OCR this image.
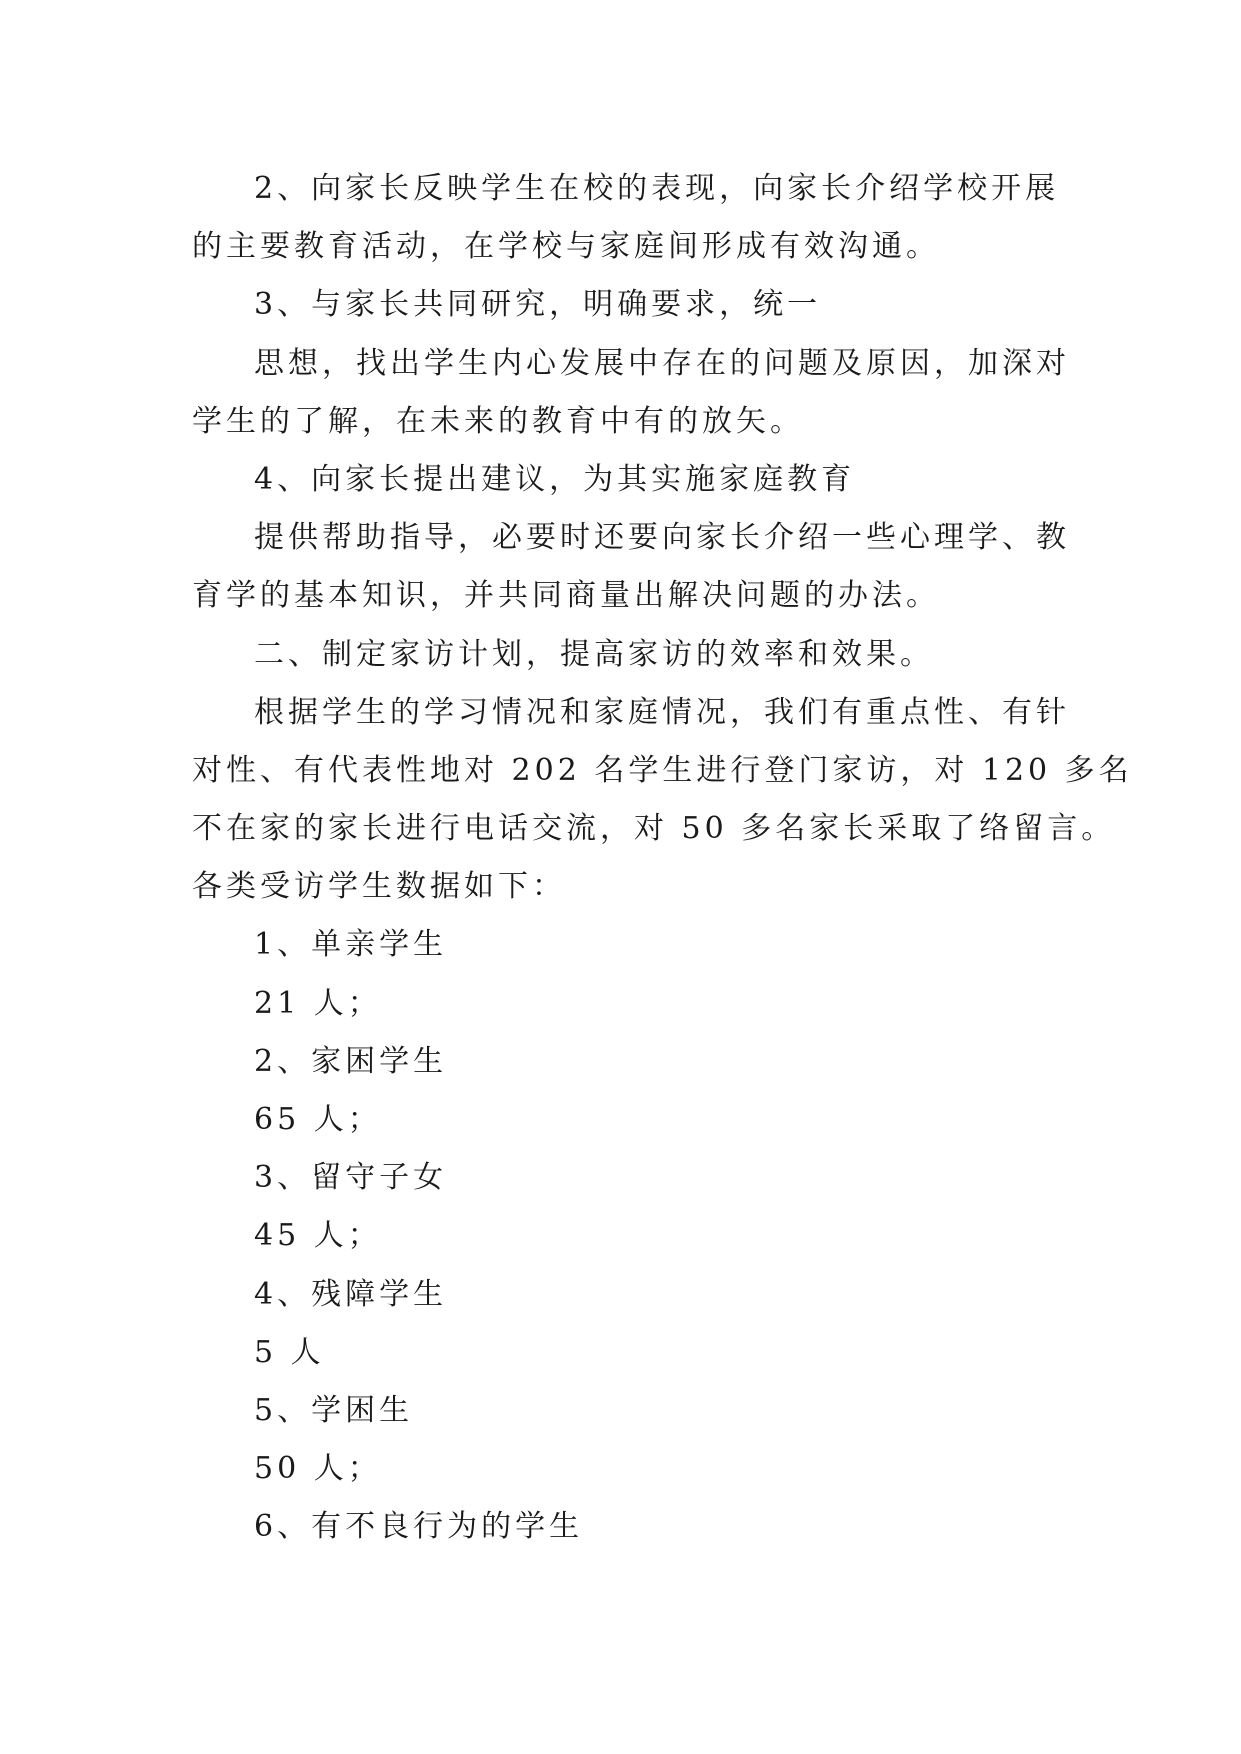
2、向家长反映学生在校的表现，向家长介绍学校开展
的主要教育活动，在学校与家庭间形成有效沟通。
3、与家长共同研究，明确要求，统一
思想，找出学生内心发展中存在的问题及原因，加深对
学生的了解，在未来的教育中有的放矢。
4、向家长提出建议，为其实施家庭教育
提供帮助指导，必要时还要向家长介绍一些心理学、教
育学的基本知识，并共同商量出解决问题的办法。
二、制定家访计划，提高家访的效率和效果。
根据学生的学习情况和家庭情况，我们有重点性、有针
对性、有代表性地对 202 名学生进行登门家访，对 120 多名
不在家的家长进行电话交流，对 50 多名家长采取了络留言。
各类受访学生数据如下：
1、单亲学生
21 人；
2、家困学生
65 人；
3、留守子女
45 人；
4、残障学生
5 人
5、学困生
50 人；
6、有不良行为的学生
